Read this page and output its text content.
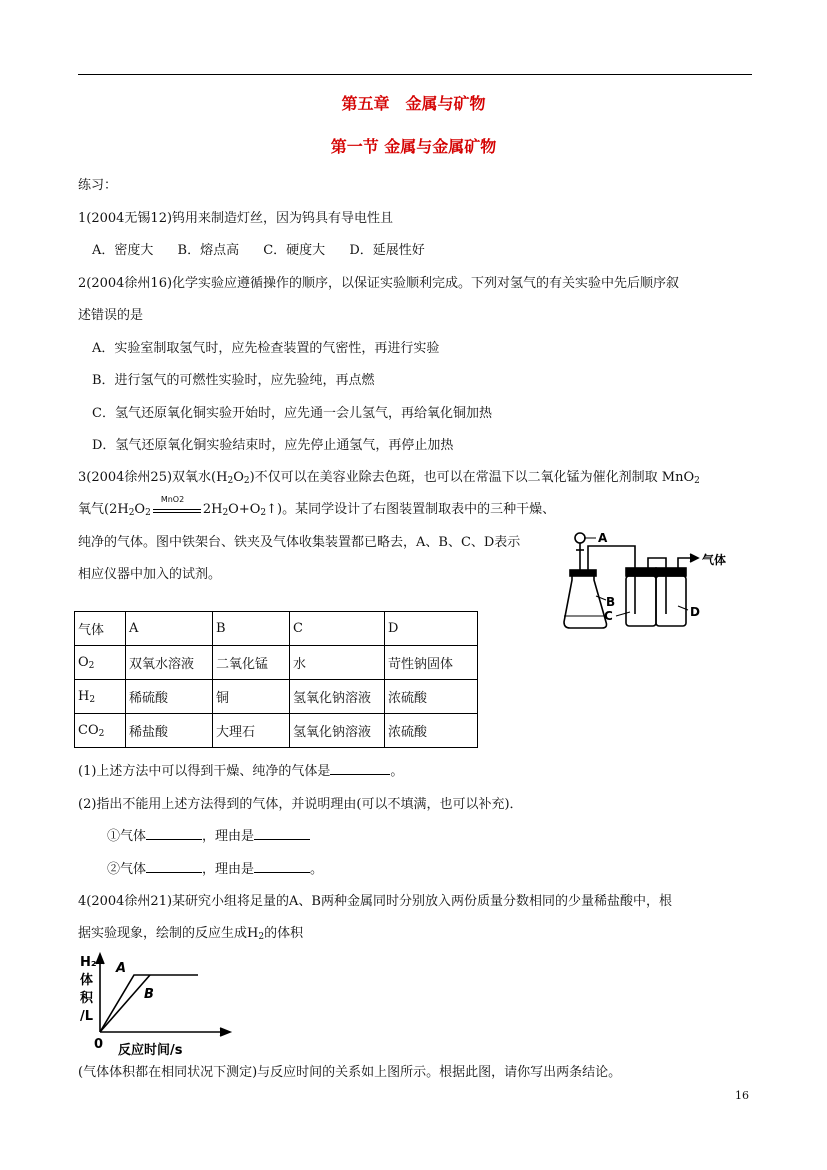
第五章　金属与矿物
第一节 金属与金属矿物
练习：
1(2004无锡12)钨用来制造灯丝，因为钨具有导电性且
A．密度大 B．熔点高 C．硬度大 D．延展性好
2(2004徐州16)化学实验应遵循操作的顺序，以保证实验顺利完成。下列对氢气的有关实验中先后顺序叙
述错误的是
A．实验室制取氢气时，应先检查装置的气密性，再进行实验
B．进行氢气的可燃性实验时，应先验纯，再点燃
C．氢气还原氧化铜实验开始时，应先通一会儿氢气，再给氧化铜加热
D．氢气还原氧化铜实验结束时，应先停止通氢气，再停止加热
3(2004徐州25)双氧水$(H_2O_2)$不仅可以在美容业除去色斑，也可以在常温下以二氧化锰为催化剂制取 MnO$_2$
氧气($2H_2O_2$
MnO2
$2H_2O+O_2↑$)。某同学设计了右图装置制取表中的三种干燥、
纯净的气体。图中铁架台、铁夹及气体收集装置都已略去，A、B、C、D表示
相应仪器中加入的试剂。
A
B
C	D
气体
气体	A	B	C	D
$O_2$	双氧水溶液	二氧化锰	水	苛性钠固体
$H_2$	稀硫酸	铜	氢氧化钠溶液	浓硫酸
$CO_2$	稀盐酸	大理石	氢氧化钠溶液	浓硫酸
(1)上述方法中可以得到干燥、纯净的气体是	。
(2)指出不能用上述方法得到的气体，并说明理由(可以不填满，也可以补充)．
①气体	，理由是
②气体	，理由是	。
4(2004徐州21)某研究小组将足量的A、B两种金属同时分别放入两份质量分数相同的少量稀盐酸中，根
据实验现象，绘制的反应生成$H_2$的体积
H₂
体
积
/L
0 反应时间/s
A
B
(气体体积都在相同状况下测定)与反应时间的关系如上图所示。根据此图，请你写出两条结论。
16
